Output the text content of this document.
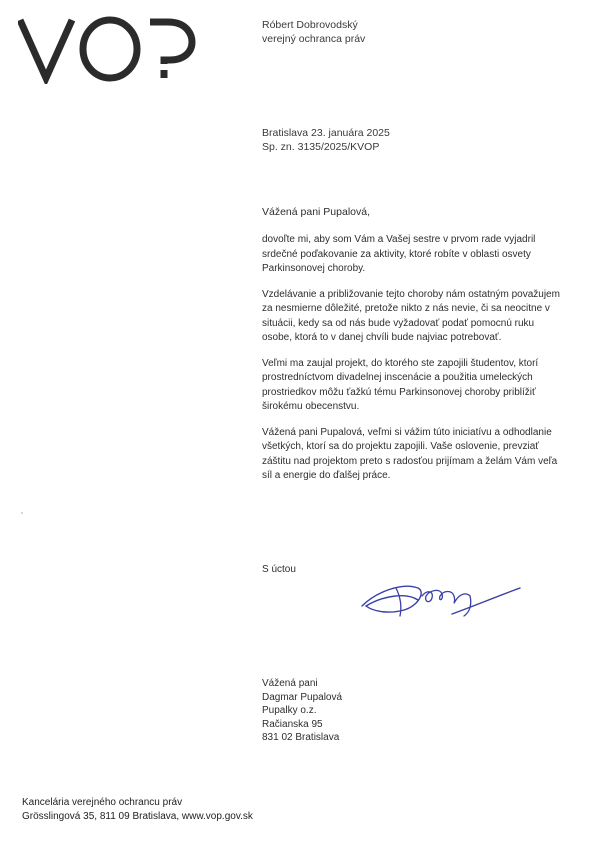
Róbert Dobrovodský
verejný ochranca práv
Bratislava 23. januára 2025
Sp. zn. 3135/2025/KVOP
Vážená pani Pupalová,

dovoľte mi, aby som Vám a Vašej sestre v prvom rade vyjadril srdečné poďakovanie za aktivity, ktoré robíte v oblasti osvety Parkinsonovej choroby.

Vzdelávanie a približovanie tejto choroby nám ostatným považujem za nesmierne dôležité, pretože nikto z nás nevie, či sa neocitne v situácii, kedy sa od nás bude vyžadovať podať pomocnú ruku osobe, ktorá to v danej chvíli bude najviac potrebovať.

Veľmi ma zaujal projekt, do ktorého ste zapojili študentov, ktorí prostredníctvom divadelnej inscenácie a použitia umeleckých prostriedkov môžu ťažkú tému Parkinsonovej choroby priblížiť širokému obecenstvu.

Vážená pani Pupalová, veľmi si vážim túto iniciatívu a odhodlanie všetkých, ktorí sa do projektu zapojili. Vaše oslovenie, prevziať záštitu nad projektom preto s radosťou prijímam a želám Vám veľa síl a energie do ďalšej práce.

S úctou
Vážená pani
Dagmar Pupalová
Pupalky o.z.
Račianska 95
831 02 Bratislava
Kancelária verejného ochrancu práv
Grösslingová 35, 811 09 Bratislava, www.vop.gov.sk
